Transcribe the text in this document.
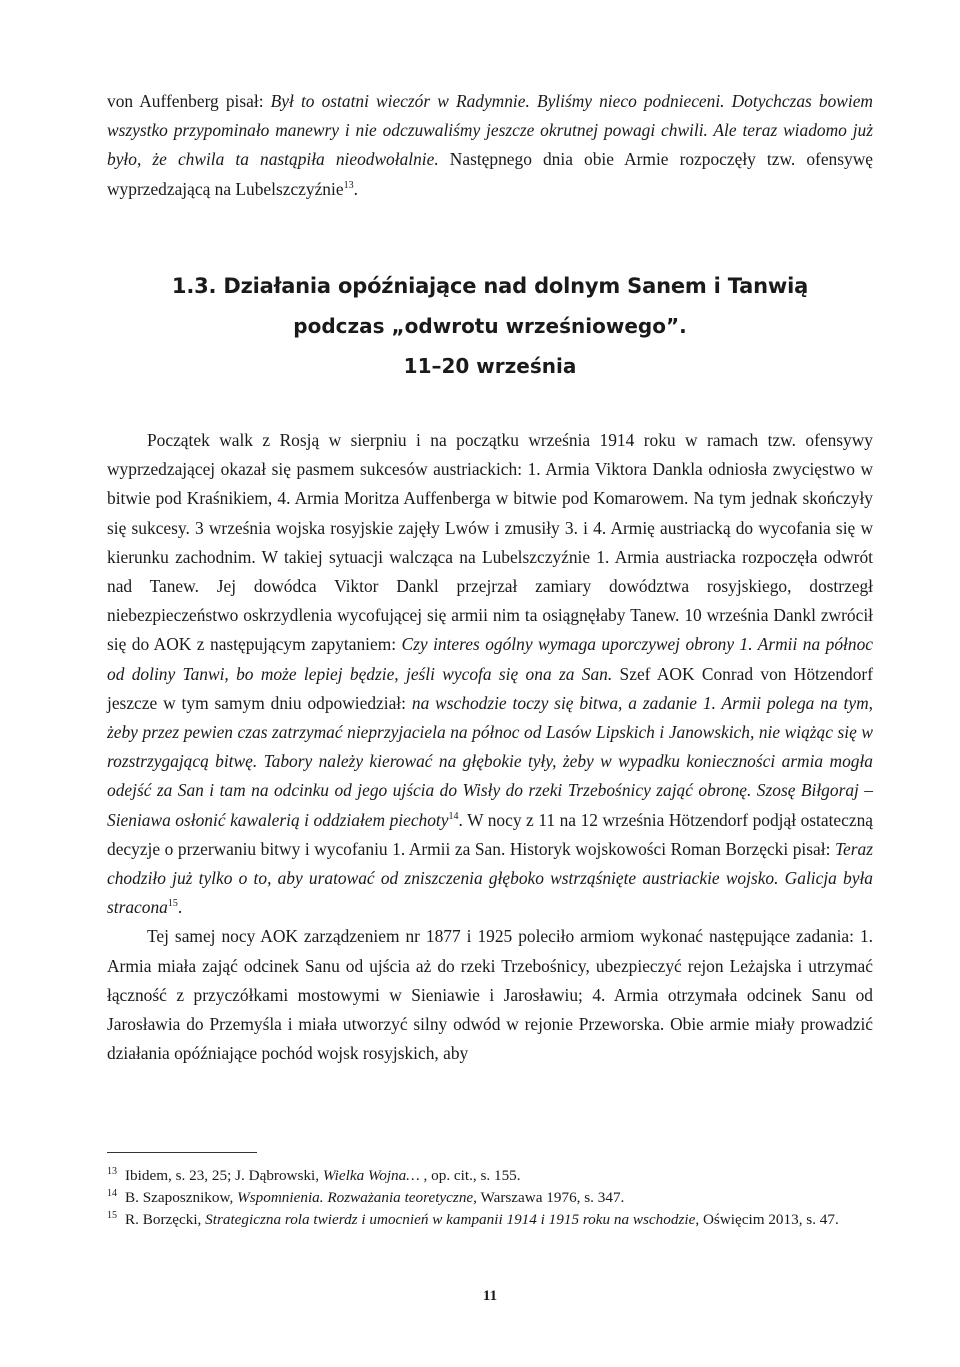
von Auffenberg pisał: Był to ostatni wieczór w Radymnie. Byliśmy nieco podnieceni. Dotychczas bowiem wszystko przypominało manewry i nie odczuwaliśmy jeszcze okrutnej powagi chwili. Ale teraz wiadomo już było, że chwila ta nastąpiła nieodwołalnie. Następnego dnia obie Armie rozpoczęły tzw. ofensywę wyprzedzającą na Lubelszczyźnie$^{13}$.

1.3. Działania opóźniające nad dolnym Sanem i Tanwią
podczas „odwrotu wrześniowego”.
11–20 września

Początek walk z Rosją w sierpniu i na początku września 1914 roku w ramach tzw. ofensywy wyprzedzającej okazał się pasmem sukcesów austriackich: 1. Armia Viktora Dankla odniosła zwycięstwo w bitwie pod Kraśnikiem, 4. Armia Moritza Auffenberga w bitwie pod Komarowem. Na tym jednak skończyły się sukcesy. 3 września wojska rosyjskie zajęły Lwów i zmusiły 3. i 4. Armię austriacką do wycofania się w kierunku zachodnim. W takiej sytuacji walcząca na Lubelszczyźnie 1. Armia austriacka rozpoczęła odwrót nad Tanew. Jej dowódca Viktor Dankl przejrzał zamiary dowództwa rosyjskiego, dostrzegł niebezpieczeństwo oskrzydlenia wycofującej się armii nim ta osiągnęłaby Tanew. 10 września Dankl zwrócił się do AOK z następującym zapytaniem: Czy interes ogólny wymaga uporczywej obrony 1. Armii na północ od doliny Tanwi, bo może lepiej będzie, jeśli wycofa się ona za San. Szef AOK Conrad von Hötzendorf jeszcze w tym samym dniu odpowiedział: na wschodzie toczy się bitwa, a zadanie 1. Armii polega na tym, żeby przez pewien czas zatrzymać nieprzyjaciela na północ od Lasów Lipskich i Janowskich, nie wiążąc się w rozstrzygającą bitwę. Tabory należy kierować na głębokie tyły, żeby w wypadku konieczności armia mogła odejść za San i tam na odcinku od jego ujścia do Wisły do rzeki Trzebośnicy zająć obronę. Szosę Biłgoraj – Sieniawa osłonić kawalerią i oddziałem piechoty$^{14}$. W nocy z 11 na 12 września Hötzendorf podjął ostateczną decyzje o przerwaniu bitwy i wycofaniu 1. Armii za San. Historyk wojskowości Roman Borzęcki pisał: Teraz chodziło już tylko o to, aby uratować od zniszczenia głęboko wstrząśnięte austriackie wojsko. Galicja była stracona$^{15}$.

Tej samej nocy AOK zarządzeniem nr 1877 i 1925 poleciło armiom wykonać następujące zadania: 1. Armia miała zająć odcinek Sanu od ujścia aż do rzeki Trzebośnicy, ubezpieczyć rejon Leżajska i utrzymać łączność z przyczółkami mostowymi w Sieniawie i Jarosławiu; 4. Armia otrzymała odcinek Sanu od Jarosławia do Przemyśla i miała utworzyć silny odwód w rejonie Przeworska. Obie armie miały prowadzić działania opóźniające pochód wojsk rosyjskich, aby

13 Ibidem, s. 23, 25; J. Dąbrowski, Wielka Wojna… , op. cit., s. 155.

14 B. Szaposznikow, Wspomnienia. Rozważania teoretyczne, Warszawa 1976, s. 347.

15 R. Borzęcki, Strategiczna rola twierdz i umocnień w kampanii 1914 i 1915 roku na wschodzie, Oświęcim 2013, s. 47.

11
